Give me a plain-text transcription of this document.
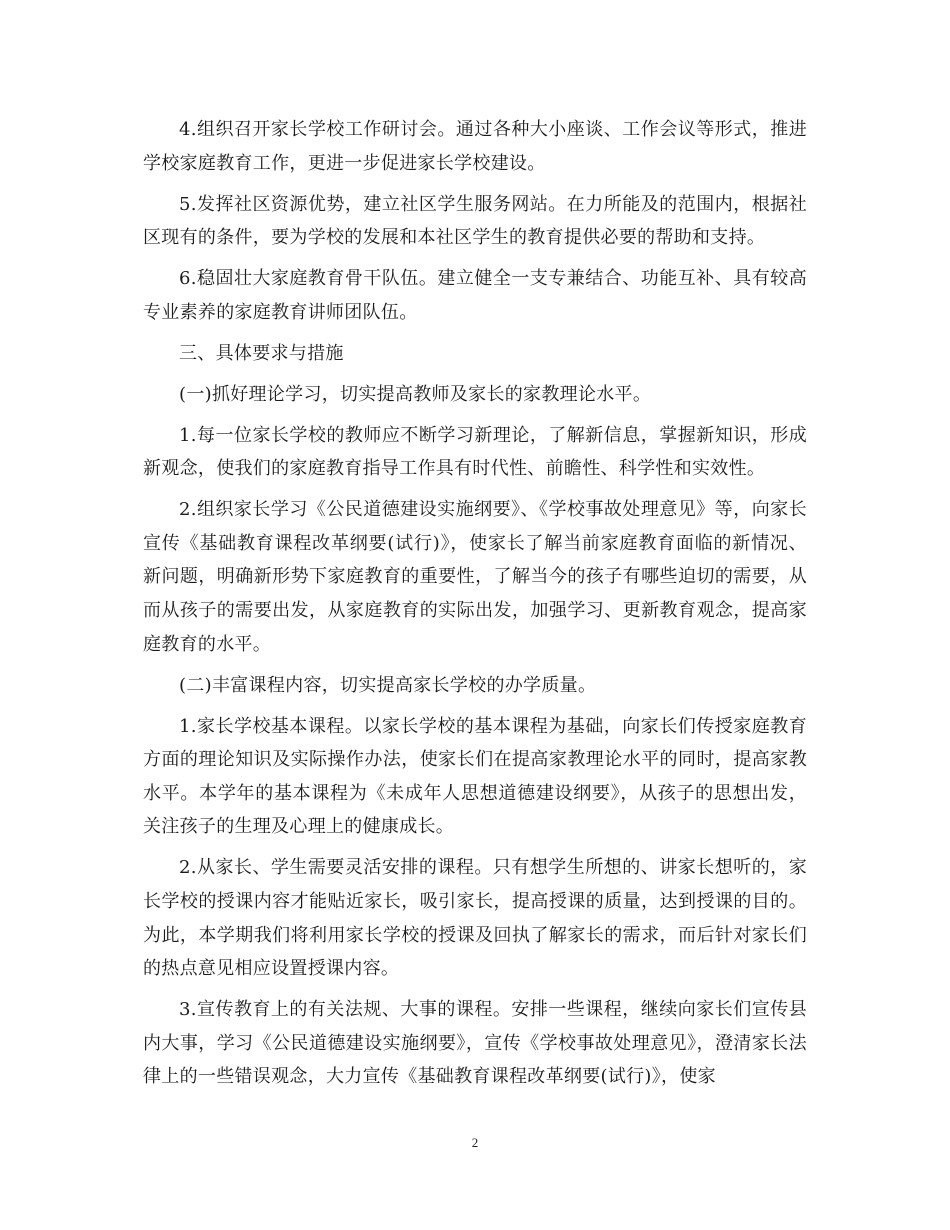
4.组织召开家长学校工作研讨会。通过各种大小座谈、工作会议等形式，推进学校家庭教育工作，更进一步促进家长学校建设。

5.发挥社区资源优势，建立社区学生服务网站。在力所能及的范围内，根据社区现有的条件，要为学校的发展和本社区学生的教育提供必要的帮助和支持。

6.稳固壮大家庭教育骨干队伍。建立健全一支专兼结合、功能互补、具有较高专业素养的家庭教育讲师团队伍。

三、具体要求与措施

(一)抓好理论学习，切实提高教师及家长的家教理论水平。

1.每一位家长学校的教师应不断学习新理论，了解新信息，掌握新知识，形成新观念，使我们的家庭教育指导工作具有时代性、前瞻性、科学性和实效性。

2.组织家长学习《公民道德建设实施纲要》、《学校事故处理意见》等，向家长宣传《基础教育课程改革纲要(试行)》，使家长了解当前家庭教育面临的新情况、新问题，明确新形势下家庭教育的重要性，了解当今的孩子有哪些迫切的需要，从而从孩子的需要出发，从家庭教育的实际出发，加强学习、更新教育观念，提高家庭教育的水平。

(二)丰富课程内容，切实提高家长学校的办学质量。

1.家长学校基本课程。以家长学校的基本课程为基础，向家长们传授家庭教育方面的理论知识及实际操作办法，使家长们在提高家教理论水平的同时，提高家教水平。本学年的基本课程为《未成年人思想道德建设纲要》，从孩子的思想出发，关注孩子的生理及心理上的健康成长。

2.从家长、学生需要灵活安排的课程。只有想学生所想的、讲家长想听的，家长学校的授课内容才能贴近家长，吸引家长，提高授课的质量，达到授课的目的。为此，本学期我们将利用家长学校的授课及回执了解家长的需求，而后针对家长们的热点意见相应设置授课内容。

3.宣传教育上的有关法规、大事的课程。安排一些课程，继续向家长们宣传县内大事，学习《公民道德建设实施纲要》，宣传《学校事故处理意见》，澄清家长法律上的一些错误观念，大力宣传《基础教育课程改革纲要(试行)》，使家

2
